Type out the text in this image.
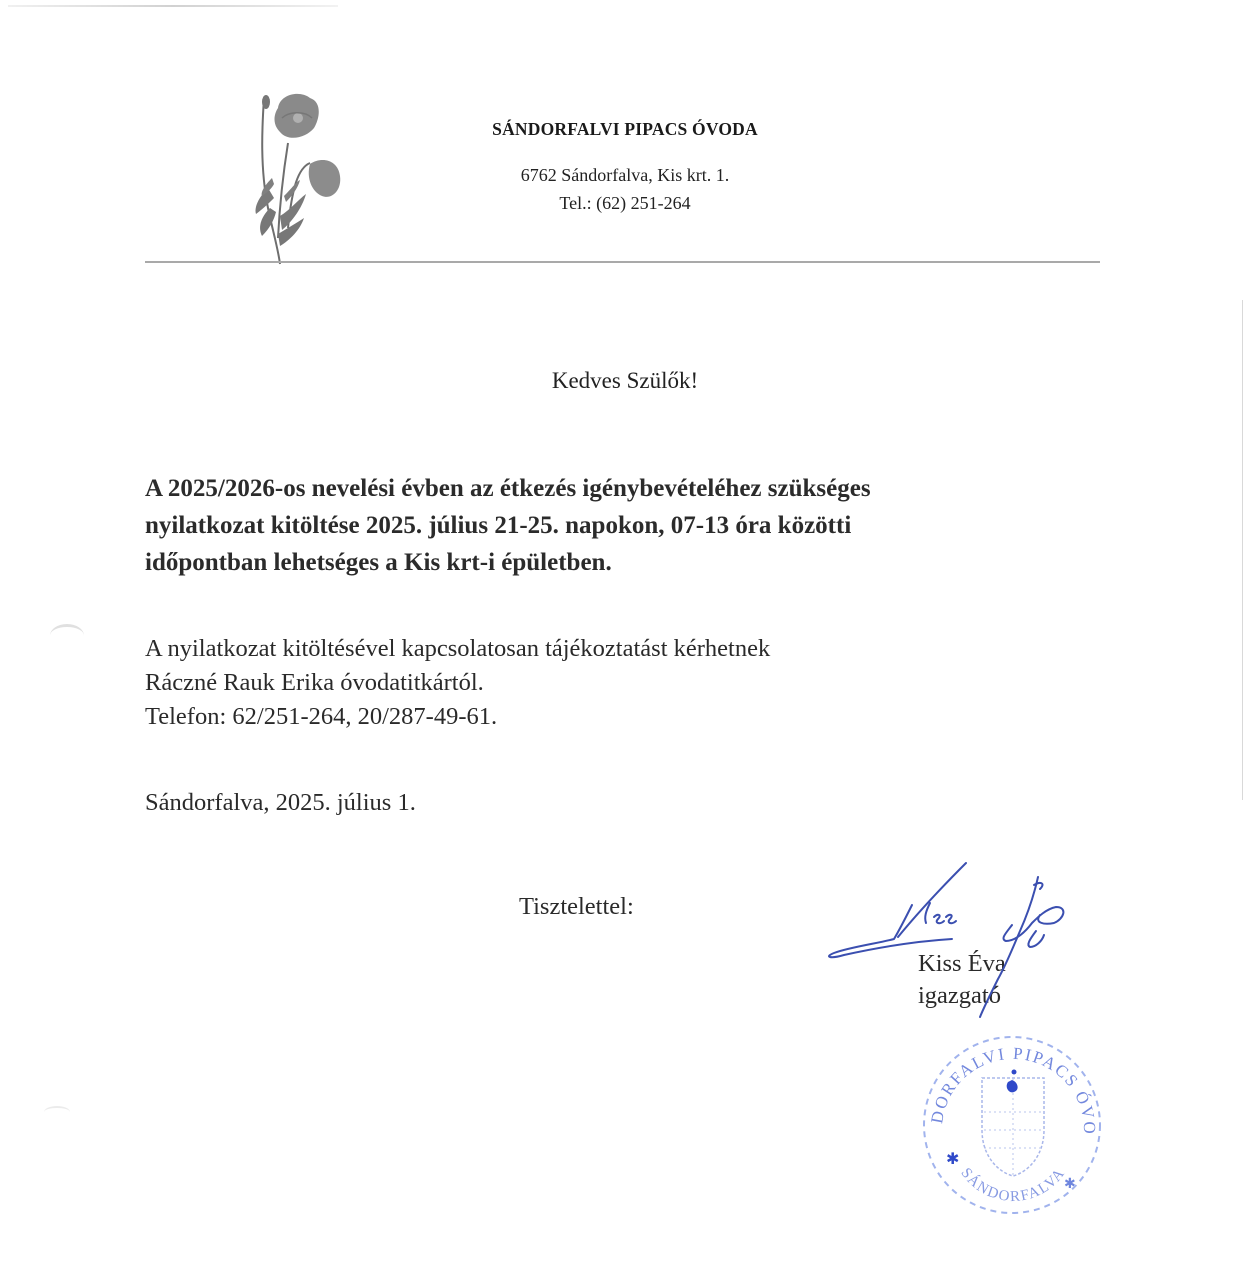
SÁNDORFALVI PIPACS ÓVODA
6762 Sándorfalva, Kis krt. 1.
Tel.: (62) 251-264
Kedves Szülők!
A 2025/2026-os nevelési évben az étkezés igénybevételéhez szükséges
nyilatkozat kitöltése 2025. július 21-25. napokon, 07-13 óra közötti
időpontban lehetséges a Kis krt-i épületben.
A nyilatkozat kitöltésével kapcsolatosan tájékoztatást kérhetnek
Ráczné Rauk Erika óvodatitkártól.
Telefon: 62/251-264, 20/287-49-61.
Sándorfalva, 2025. július 1.
Tisztelettel:
Kiss Éva
igazgató
DORFALVI PIPACS ÓVO
SÁNDORFALVA
✱
✱
